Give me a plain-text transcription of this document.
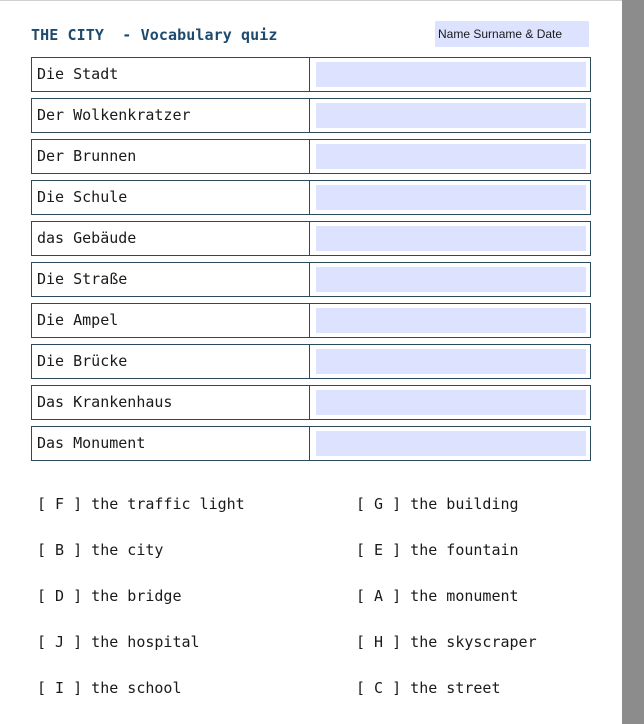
THE CITY  - Vocabulary quiz
Name Surname & Date
Die Stadt
Der Wolkenkratzer
Der Brunnen
Die Schule
das Gebäude
Die Straße
Die Ampel
Die Brücke
Das Krankenhaus
Das Monument
[ F ] the traffic light
[ B ] the city
[ D ] the bridge
[ J ] the hospital
[ I ] the school
[ G ] the building
[ E ] the fountain
[ A ] the monument
[ H ] the skyscraper
[ C ] the street
